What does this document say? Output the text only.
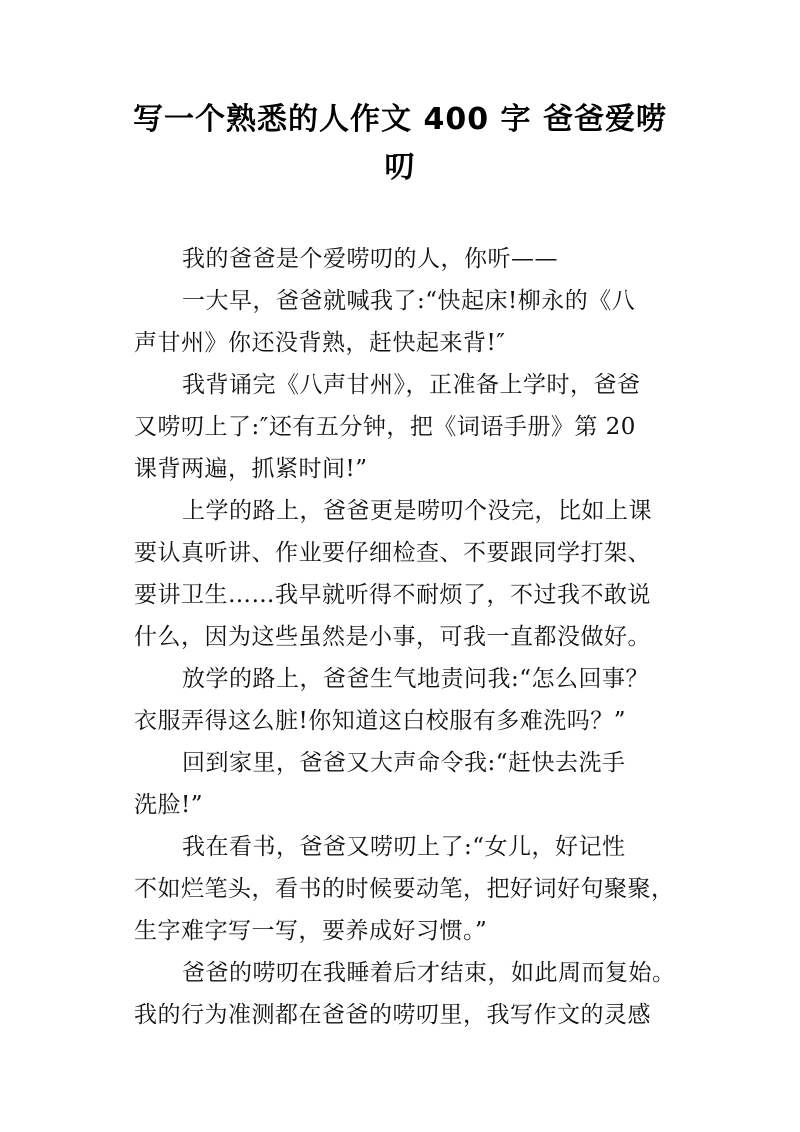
写一个熟悉的人作文 400 字 爸爸爱唠
叨
我的爸爸是个爱唠叨的人，你听——
一大早，爸爸就喊我了:“快起床!柳永的《八
声甘州》你还没背熟，赶快起来背!″
我背诵完《八声甘州》，正准备上学时，爸爸
又唠叨上了:″还有五分钟，把《词语手册》第 20
课背两遍，抓紧时间!”
上学的路上，爸爸更是唠叨个没完，比如上课
要认真听讲、作业要仔细检查、不要跟同学打架、
要讲卫生……我早就听得不耐烦了，不过我不敢说
什么，因为这些虽然是小事，可我一直都没做好。
放学的路上，爸爸生气地责问我:“怎么回事？
衣服弄得这么脏!你知道这白校服有多难洗吗？”
回到家里，爸爸又大声命令我:“赶快去洗手
洗脸!”
我在看书，爸爸又唠叨上了:“女儿，好记性
不如烂笔头，看书的时候要动笔，把好词好句聚聚，
生字难字写一写，要养成好习惯。”
爸爸的唠叨在我睡着后才结束，如此周而复始。
我的行为准测都在爸爸的唠叨里，我写作文的灵感
